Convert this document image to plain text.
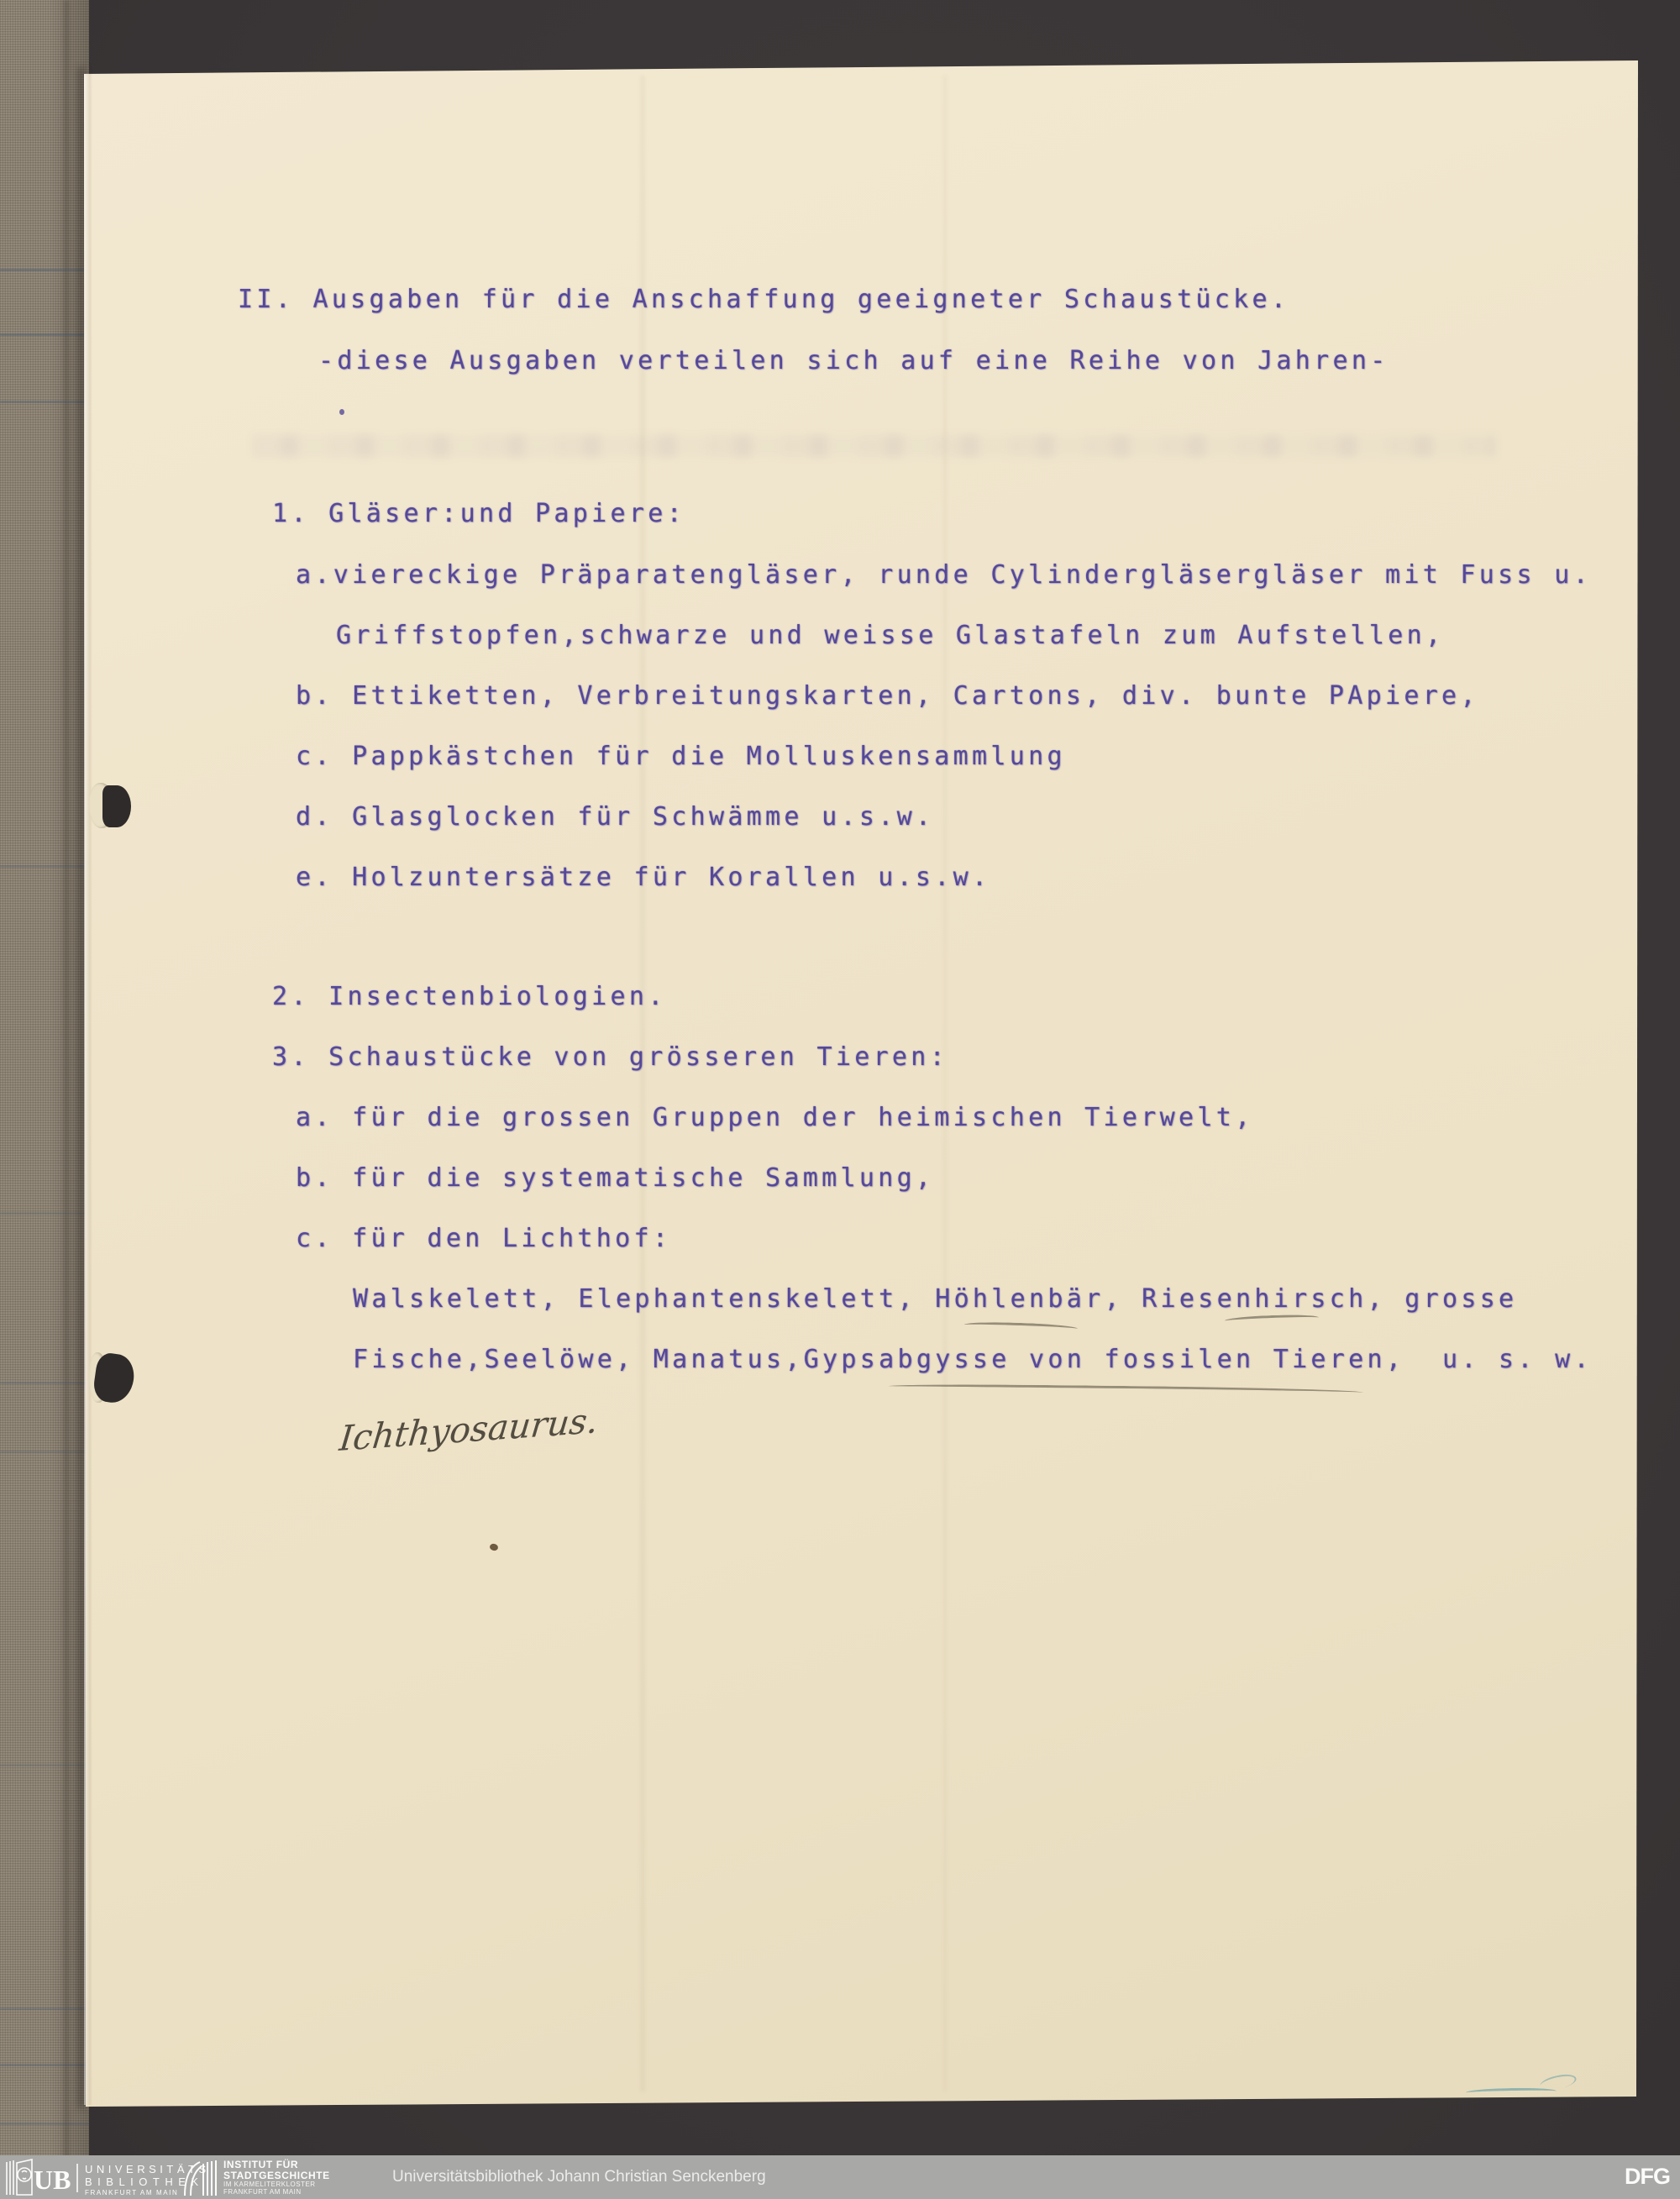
II. Ausgaben für die Anschaffung geeigneter Schaustücke.
-diese Ausgaben verteilen sich auf eine Reihe von Jahren-
1. Gläser:und Papiere:
a.viereckige Präparatengläser, runde Cylindergläsergläser mit Fuss u.
Griffstopfen,schwarze und weisse Glastafeln zum Aufstellen,
b. Ettiketten, Verbreitungskarten, Cartons, div. bunte PApiere,
c. Pappkästchen für die Molluskensammlung
d. Glasglocken für Schwämme u.s.w.
e. Holzuntersätze für Korallen u.s.w.
2. Insectenbiologien.
3. Schaustücke von grösseren Tieren:
a. für die grossen Gruppen der heimischen Tierwelt,
b. für die systematische Sammlung,
c. für den Lichthof:
Walskelett, Elephantenskelett, Höhlenbär, Riesenhirsch, grosse
Fische,Seelöwe, Manatus,Gypsabgysse von fossilen Tieren,  u. s. w.
Ichthyosaurus.
UB UNIVERSITÄTS
BIBLIOTHEK
FRANKFURT AM MAIN
INSTITUT FÜR
STADTGESCHICHTE
IM KARMELITERKLOSTER
FRANKFURT AM MAIN
Universitätsbibliothek Johann Christian Senckenberg	DFG
